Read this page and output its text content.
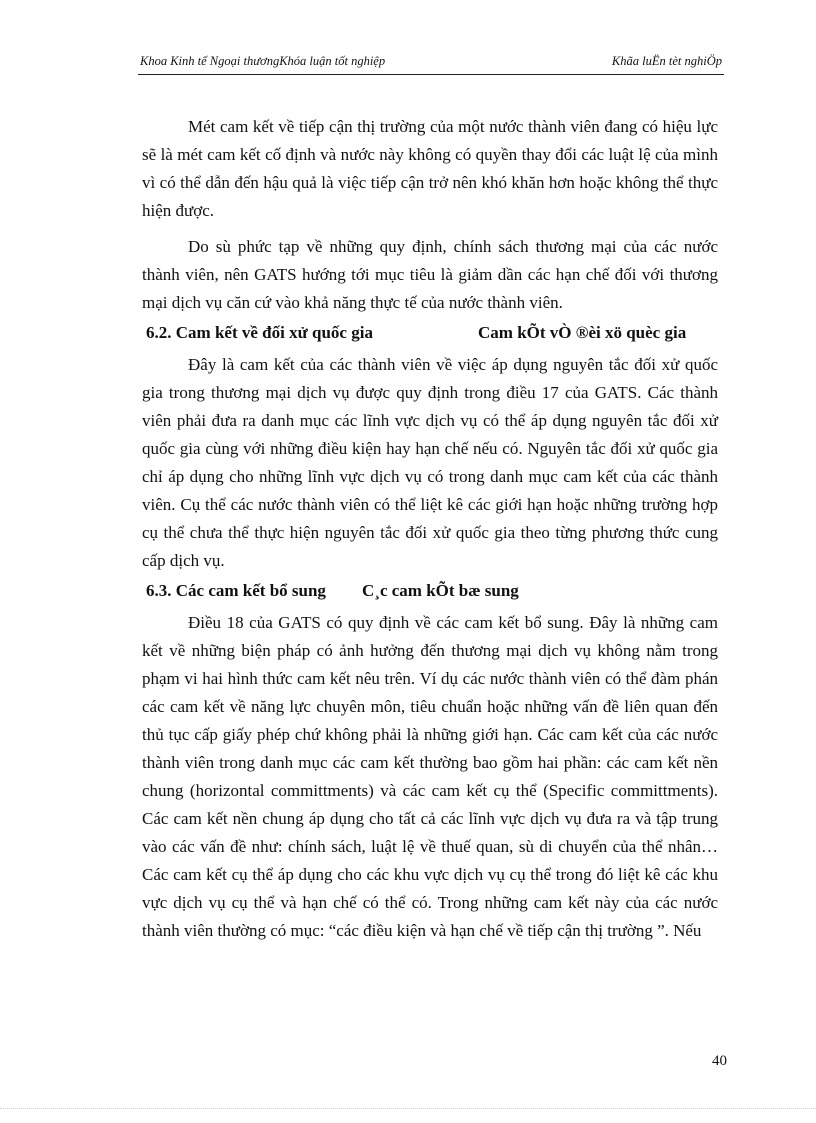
Khoa Kinh tế Ngoại thươngKhóa luận tốt nghiệp	Khãa luËn tèt nghiÖp

Mét cam kết về tiếp cận thị trường của một nước thành viên đang có hiệu lực sẽ là mét cam kết cố định và nước này không có quyền thay đổi các luật lệ của mình vì có thể dẫn đến hậu quả là việc tiếp cận trở nên khó khăn hơn hoặc không thể thực hiện được.

Do sù phức tạp về những quy định, chính sách thương mại của các nước thành viên, nên GATS hướng tới mục tiêu là giảm dần các hạn chế đối với thương mại dịch vụ căn cứ vào khả năng thực tế của nước thành viên.

6.2. Cam kết về đối xử quốc gia	Cam kÕt vÒ ®èi xö quèc gia

Đây là cam kết của các thành viên về việc áp dụng nguyên tắc đối xử quốc gia trong thương mại dịch vụ được quy định trong điều 17 của GATS. Các thành viên phải đưa ra danh mục các lĩnh vực dịch vụ có thể áp dụng nguyên tắc đối xử quốc gia cùng với những điều kiện hay hạn chế nếu có. Nguyên tắc đối xử quốc gia chỉ áp dụng cho những lĩnh vực dịch vụ có trong danh mục cam kết của các thành viên. Cụ thể các nước thành viên có thể liệt kê các giới hạn hoặc những trường hợp cụ thể chưa thể thực hiện nguyên tắc đối xử quốc gia theo từng phương thức cung cấp dịch vụ.

6.3. Các cam kết bổ sung C¸c cam kÕt bæ sung

Điều 18 của GATS có quy định về các cam kết bổ sung. Đây là những cam kết về những biện pháp có ảnh hưởng đến thương mại dịch vụ không nằm trong phạm vi hai hình thức cam kết nêu trên. Ví dụ các nước thành viên có thể đàm phán các cam kết về năng lực chuyên môn, tiêu chuẩn hoặc những vấn đề liên quan đến thủ tục cấp giấy phép chứ không phải là những giới hạn. Các cam kết của các nước thành viên trong danh mục các cam kết thường bao gồm hai phần: các cam kết nền chung (horizontal committments) và các cam kết cụ thể (Specific committments). Các cam kết nền chung áp dụng cho tất cả các lĩnh vực dịch vụ đưa ra và tập trung vào các vấn đề như: chính sách, luật lệ về thuế quan, sù di chuyển của thể nhân… Các cam kết cụ thể áp dụng cho các khu vực dịch vụ cụ thể trong đó liệt kê các khu vực dịch vụ cụ thể và hạn chế có thể có. Trong những cam kết này của các nước thành viên thường có mục: “các điều kiện và hạn chế về tiếp cận thị trường ”. Nếu

40
